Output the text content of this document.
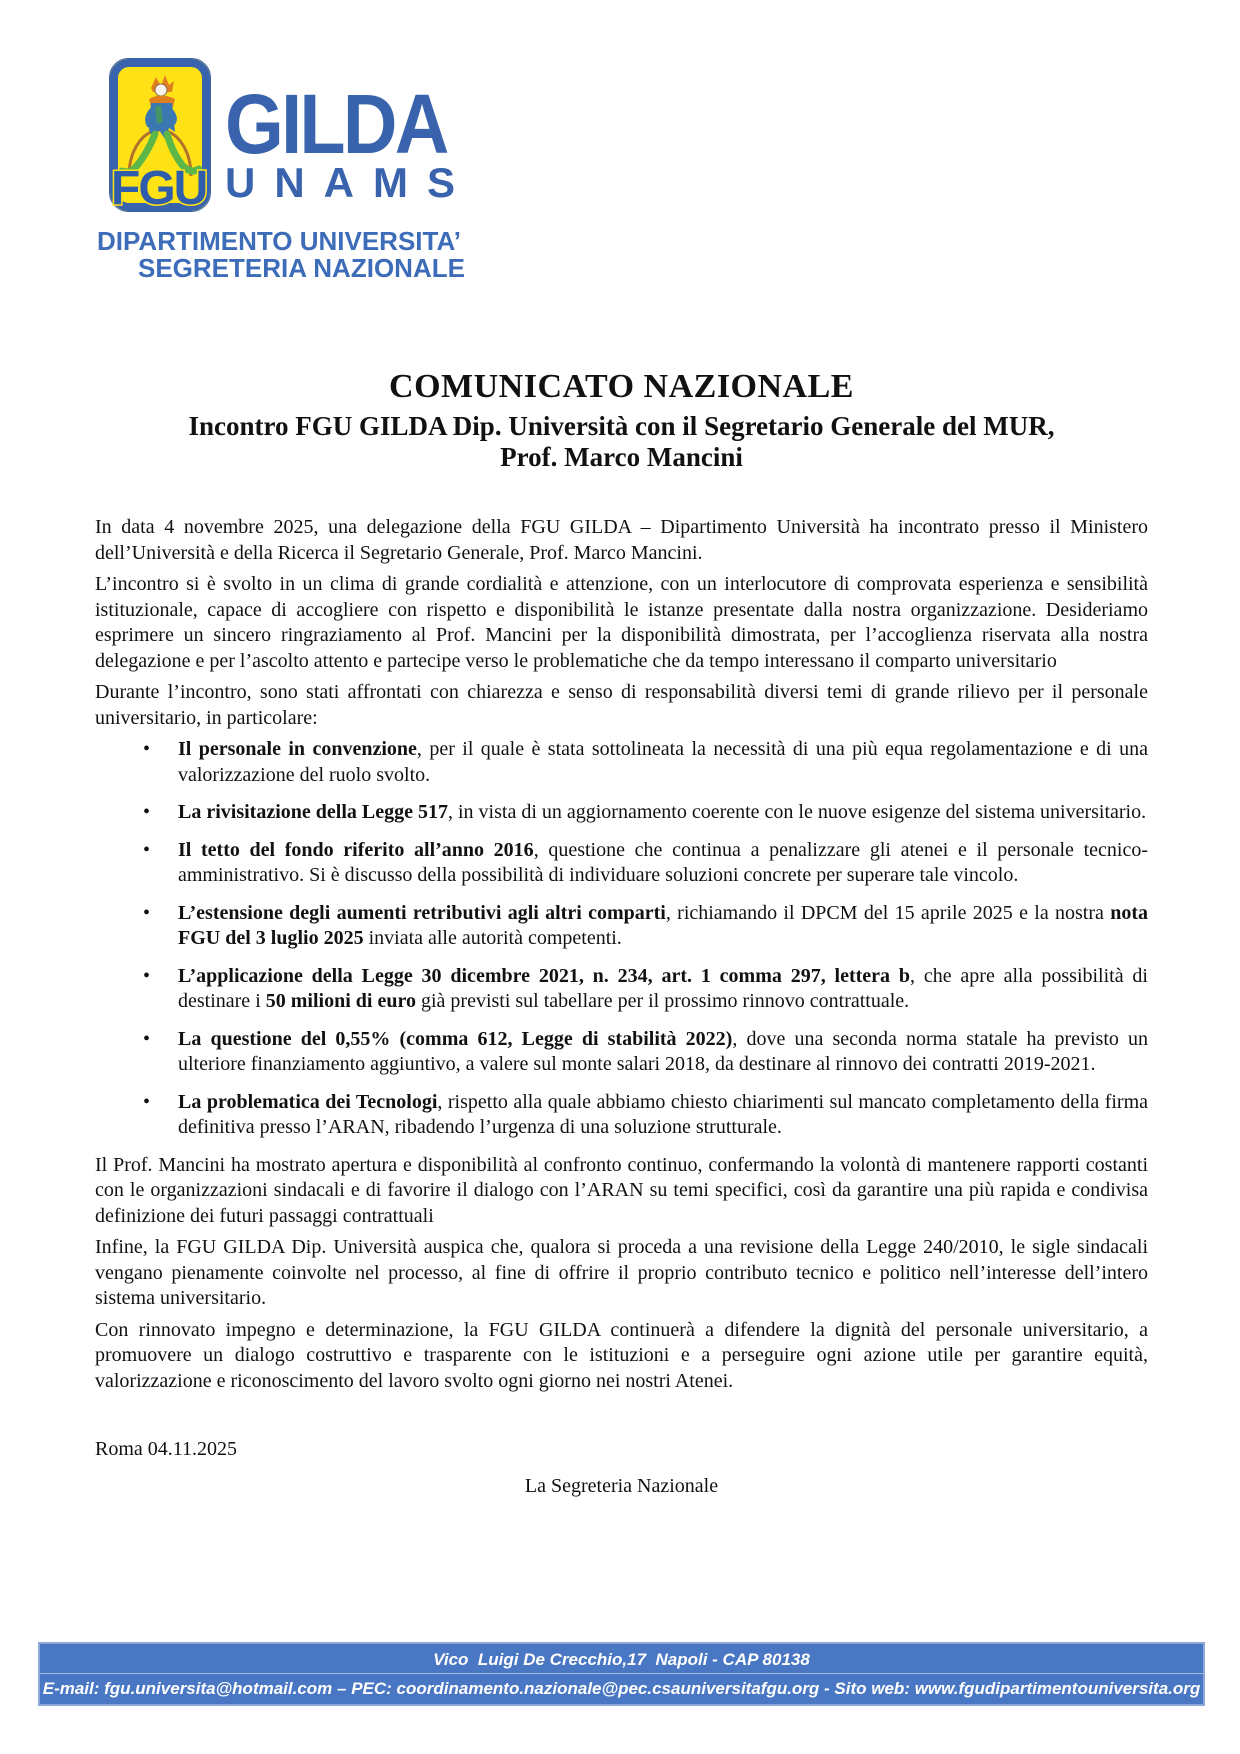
FGU
GILDA
UNAMS
DIPARTIMENTO UNIVERSITA’
SEGRETERIA NAZIONALE
COMUNICATO NAZIONALE
Incontro FGU GILDA Dip. Università con il Segretario Generale del MUR,
Prof. Marco Mancini

In data 4 novembre 2025, una delegazione della FGU GILDA – Dipartimento Università ha incontrato presso il Ministero dell’Università e della Ricerca il Segretario Generale, Prof. Marco Mancini.

L’incontro si è svolto in un clima di grande cordialità e attenzione, con un interlocutore di comprovata esperienza e sensibilità istituzionale, capace di accogliere con rispetto e disponibilità le istanze presentate dalla nostra organizzazione. Desideriamo esprimere un sincero ringraziamento al Prof. Mancini per la disponibilità dimostrata, per l’accoglienza riservata alla nostra delegazione e per l’ascolto attento e partecipe verso le problematiche che da tempo interessano il comparto universitario

Durante l’incontro, sono stati affrontati con chiarezza e senso di responsabilità diversi temi di grande rilievo per il personale universitario, in particolare:

• Il personale in convenzione, per il quale è stata sottolineata la necessità di una più equa regolamentazione e di una valorizzazione del ruolo svolto.
• La rivisitazione della Legge 517, in vista di un aggiornamento coerente con le nuove esigenze del sistema universitario.
• Il tetto del fondo riferito all’anno 2016, questione che continua a penalizzare gli atenei e il personale tecnico-amministrativo. Si è discusso della possibilità di individuare soluzioni concrete per superare tale vincolo.
• L’estensione degli aumenti retributivi agli altri comparti, richiamando il DPCM del 15 aprile 2025 e la nostra nota FGU del 3 luglio 2025 inviata alle autorità competenti.
• L’applicazione della Legge 30 dicembre 2021, n. 234, art. 1 comma 297, lettera b, che apre alla possibilità di destinare i 50 milioni di euro già previsti sul tabellare per il prossimo rinnovo contrattuale.
• La questione del 0,55% (comma 612, Legge di stabilità 2022), dove una seconda norma statale ha previsto un ulteriore finanziamento aggiuntivo, a valere sul monte salari 2018, da destinare al rinnovo dei contratti 2019-2021.
• La problematica dei Tecnologi, rispetto alla quale abbiamo chiesto chiarimenti sul mancato completamento della firma definitiva presso l’ARAN, ribadendo l’urgenza di una soluzione strutturale.

Il Prof. Mancini ha mostrato apertura e disponibilità al confronto continuo, confermando la volontà di mantenere rapporti costanti con le organizzazioni sindacali e di favorire il dialogo con l’ARAN su temi specifici, così da garantire una più rapida e condivisa definizione dei futuri passaggi contrattuali

Infine, la FGU GILDA Dip. Università auspica che, qualora si proceda a una revisione della Legge 240/2010, le sigle sindacali vengano pienamente coinvolte nel processo, al fine di offrire il proprio contributo tecnico e politico nell’interesse dell’intero sistema universitario.

Con rinnovato impegno e determinazione, la FGU GILDA continuerà a difendere la dignità del personale universitario, a promuovere un dialogo costruttivo e trasparente con le istituzioni e a perseguire ogni azione utile per garantire equità, valorizzazione e riconoscimento del lavoro svolto ogni giorno nei nostri Atenei.

Roma 04.11.2025
La Segreteria Nazionale
Vico  Luigi De Crecchio,17  Napoli - CAP 80138
E-mail: fgu.universita@hotmail.com – PEC: coordinamento.nazionale@pec.csauniversitafgu.org - Sito web: www.fgudipartimentouniversita.org
